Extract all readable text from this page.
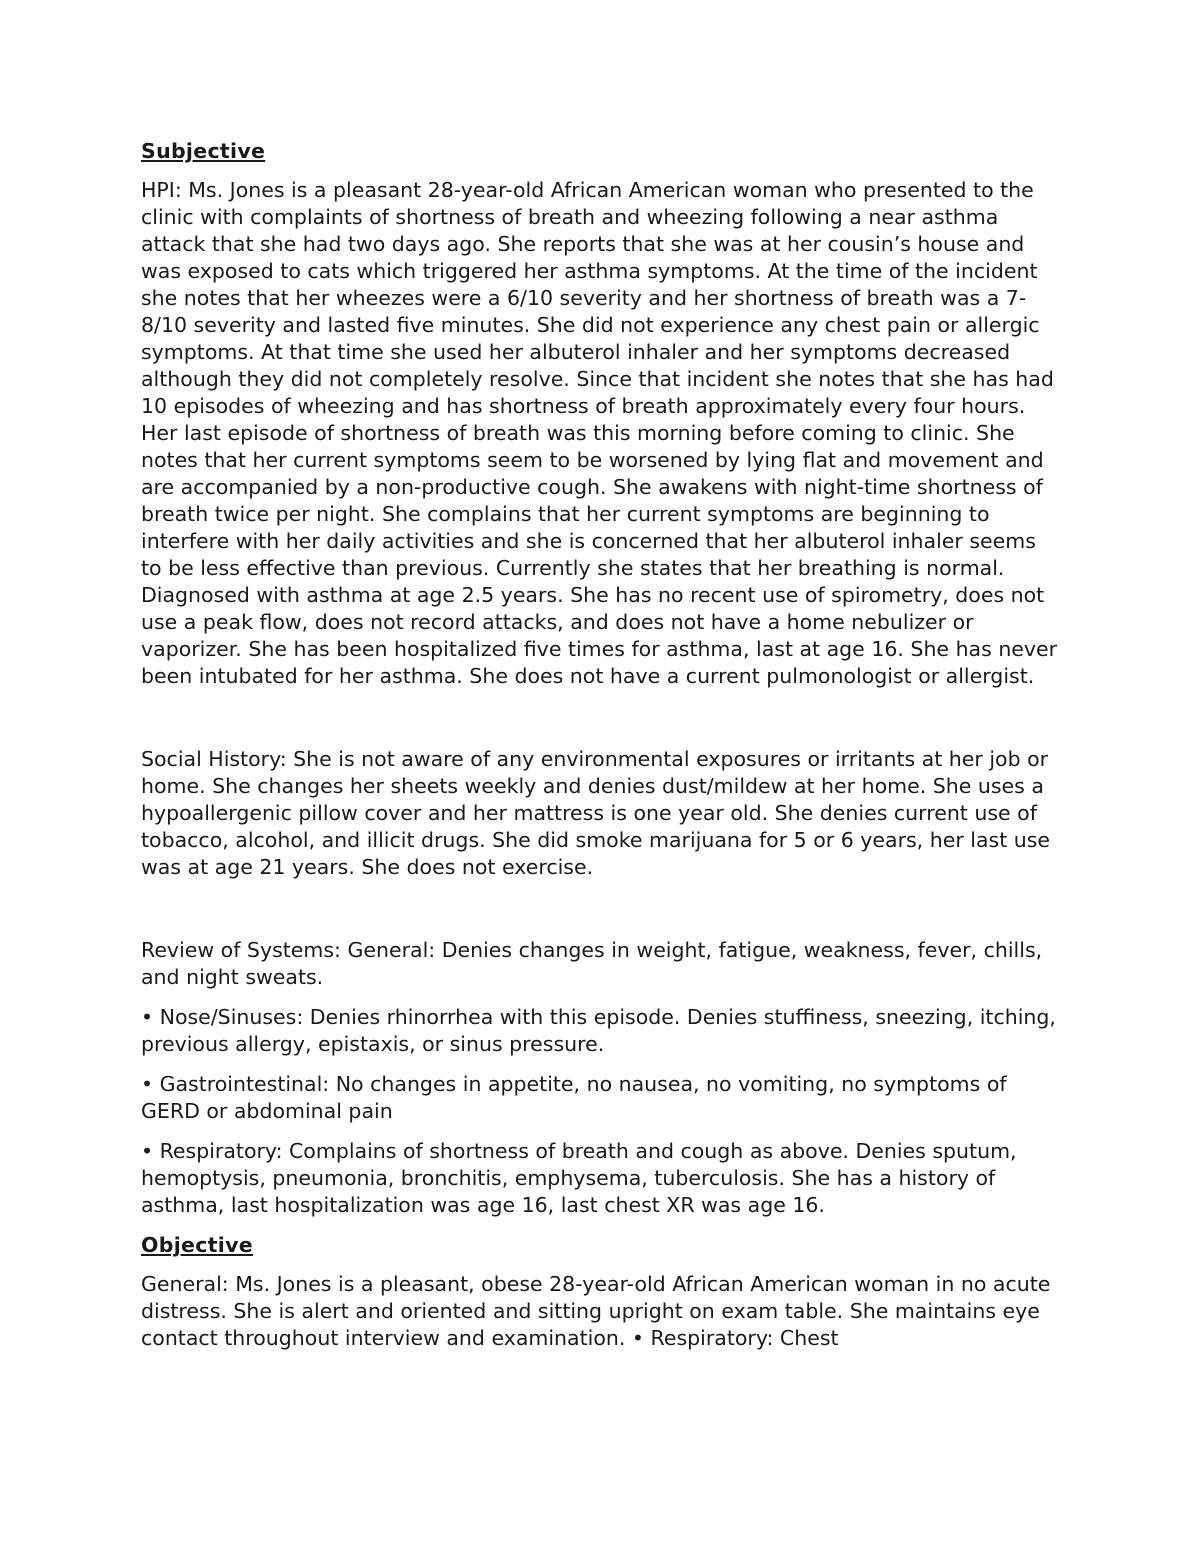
Subjective

HPI: Ms. Jones is a pleasant 28-year-old African American woman who presented to the clinic with complaints of shortness of breath and wheezing following a near asthma attack that she had two days ago. She reports that she was at her cousin’s house and was exposed to cats which triggered her asthma symptoms. At the time of the incident she notes that her wheezes were a 6/10 severity and her shortness of breath was a 7-8/10 severity and lasted five minutes. She did not experience any chest pain or allergic symptoms. At that time she used her albuterol inhaler and her symptoms decreased although they did not completely resolve. Since that incident she notes that she has had 10 episodes of wheezing and has shortness of breath approximately every four hours. Her last episode of shortness of breath was this morning before coming to clinic. She notes that her current symptoms seem to be worsened by lying flat and movement and are accompanied by a non-productive cough. She awakens with night-time shortness of breath twice per night. She complains that her current symptoms are beginning to interfere with her daily activities and she is concerned that her albuterol inhaler seems to be less effective than previous. Currently she states that her breathing is normal. Diagnosed with asthma at age 2.5 years. She has no recent use of spirometry, does not use a peak flow, does not record attacks, and does not have a home nebulizer or vaporizer. She has been hospitalized five times for asthma, last at age 16. She has never been intubated for her asthma. She does not have a current pulmonologist or allergist.

Social History: She is not aware of any environmental exposures or irritants at her job or home. She changes her sheets weekly and denies dust/mildew at her home. She uses a hypoallergenic pillow cover and her mattress is one year old. She denies current use of tobacco, alcohol, and illicit drugs. She did smoke marijuana for 5 or 6 years, her last use was at age 21 years. She does not exercise.

Review of Systems: General: Denies changes in weight, fatigue, weakness, fever, chills, and night sweats.

• Nose/Sinuses: Denies rhinorrhea with this episode. Denies stuffiness, sneezing, itching, previous allergy, epistaxis, or sinus pressure.

• Gastrointestinal: No changes in appetite, no nausea, no vomiting, no symptoms of GERD or abdominal pain

• Respiratory: Complains of shortness of breath and cough as above. Denies sputum, hemoptysis, pneumonia, bronchitis, emphysema, tuberculosis. She has a history of asthma, last hospitalization was age 16, last chest XR was age 16.

Objective

General: Ms. Jones is a pleasant, obese 28-year-old African American woman in no acute distress. She is alert and oriented and sitting upright on exam table. She maintains eye contact throughout interview and examination. • Respiratory: Chest
